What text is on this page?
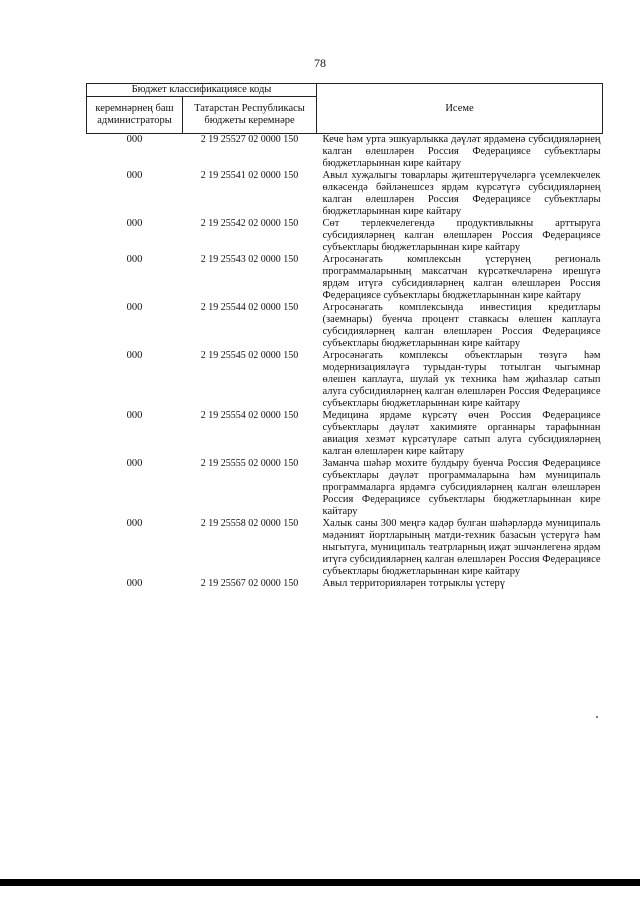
78
Бюджет классификациясе коды		Исеме
керемнәрнең баш администраторы	Татарстан Республикасы бюджеты керемнәре	
000	2 19 25527 02 0000 150	Кече һәм урта эшкуарлыкка дәүләт ярдәменә субсидияләрнең калган өлешләрен Россия Федерациясе субъектлары бюджетларыннан кире кайтару
000	2 19 25541 02 0000 150	Авыл хуҗалыгы товарлары җитештерүчеләргә үсемлекчелек өлкәсендә бәйләнешсез ярдәм күрсәтүгә субсидияләрнең калган өлешләрен Россия Федерациясе субъектлары бюджетларыннан кире кайтару
000	2 19 25542 02 0000 150	Сөт терлекчелегендә продуктивлыкны арттыруга субсидияләрнең калган өлешләрен Россия Федерациясе субъектлары бюджетларыннан кире кайтару
000	2 19 25543 02 0000 150	Агросәнәгать комплексын үстерүнең региональ программаларының максатчан күрсәткечләренә ирешүгә ярдәм итүгә субсидияләрнең калган өлешләрен Россия Федерациясе субъектлары бюджетларыннан кире кайтару
000	2 19 25544 02 0000 150	Агросәнәгать комплексында инвестиция кредитлары (заемнары) буенча процент ставкасы өлешен каплауга субсидияләрнең калган өлешләрен Россия Федерациясе субъектлары бюджетларыннан кире кайтару
000	2 19 25545 02 0000 150	Агросәнәгать комплексы объектларын төзүгә һәм модернизацияләүгә турыдан-туры тотылган чыгымнар өлешен каплауга, шулай ук техника һәм җиһазлар сатып алуга субсидияләрнең калган өлешләрен Россия Федерациясе субъектлары бюджетларыннан кире кайтару
000	2 19 25554 02 0000 150	Медицина ярдәме күрсәтү өчен Россия Федерациясе субъектлары дәүләт хакимияте органнары тарафыннан авиация хезмәт күрсәтүләре сатып алуга субсидияләрнең калган өлешләрен кире кайтару
000	2 19 25555 02 0000 150	Заманча шәһәр мохите булдыру буенча Россия Федерациясе субъектлары дәүләт программаларына һәм муниципаль программаларга ярдәмгә субсидияләрнең калган өлешләрен Россия Федерациясе субъектлары бюджетларыннан кире кайтару
000	2 19 25558 02 0000 150	Халык саны 300 меңгә кадәр булган шәһәрләрдә муниципаль мәдәният йортларының матди-техник базасын үстерүгә һәм ныгытуга, муниципаль театрларның иҗат эшчәнлегенә ярдәм итүгә субсидияләрнең калган өлешләрен Россия Федерациясе субъектлары бюджетларыннан кире кайтару
000	2 19 25567 02 0000 150	Авыл территорияләрен тотрыклы үстерү
